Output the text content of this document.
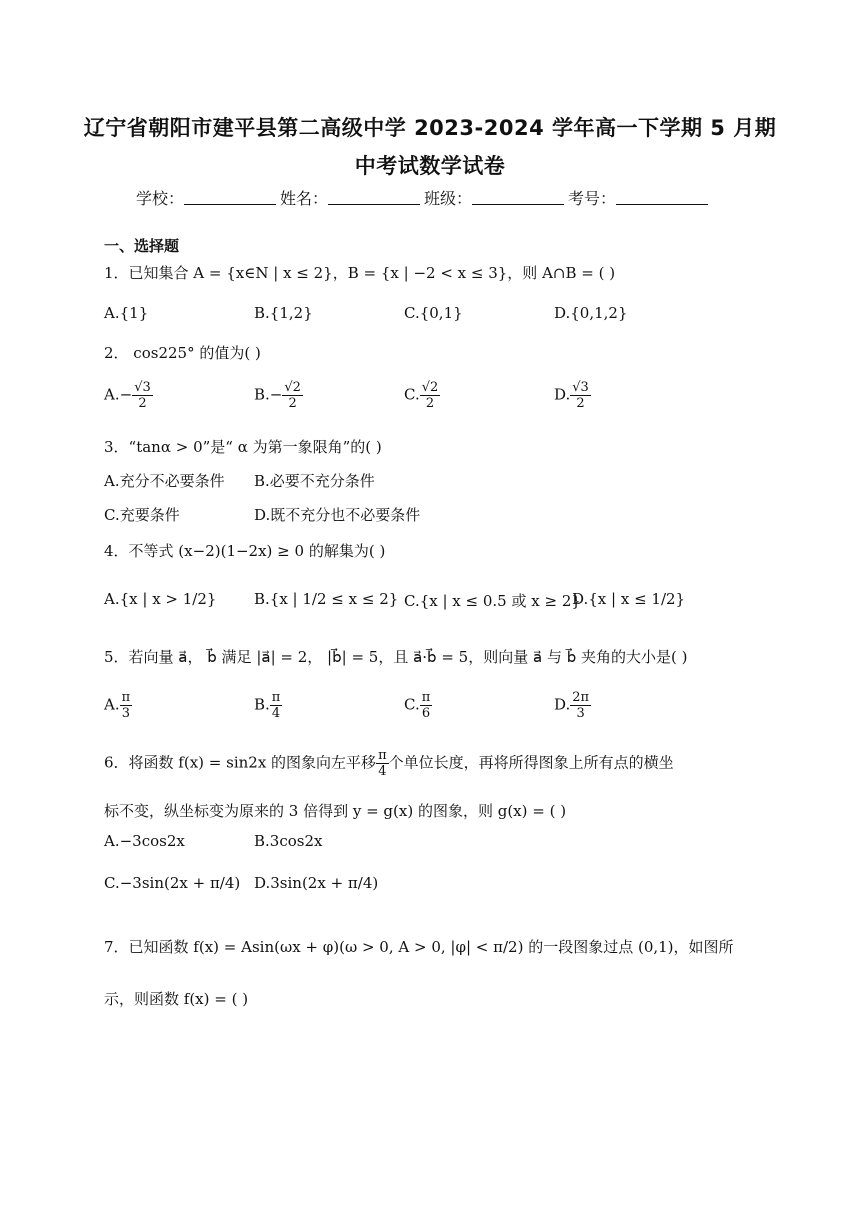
辽宁省朝阳市建平县第二高级中学 2023-2024 学年高一下学期 5 月期
中考试数学试卷
学校：	姓名：	班级：	考号：
一、选择题
1．已知集合 A = {x∈N | x ≤ 2}，B = {x | −2 < x ≤ 3}，则 A∩B = ( )
A.{1}	B.{1,2}	C.{0,1}	D.{0,1,2}
2． cos225° 的值为( )
$A.- \frac{√3}{2}$	$B.- \frac{√2}{2}$	C. $\frac{√2}{2}$	D. $\frac{√3}{2}$
3．“tanα > 0”是“ α 为第一象限角”的( )
A.充分不必要条件 B.必要不充分条件
C.充要条件	D.既不充分也不必要条件
4．不等式 (x−2)(1−2x) ≥ 0 的解集为( )
A.{x | x > 1/2}	B.{x | 1/2 ≤ x ≤ 2} C.{x | x ≤ 0.5 或 x ≥ 2}
D.{x | x ≤ 1/2}
5．若向量 a⃗， b⃗ 满足 |a⃗| = 2， |b⃗| = 5，且 a⃗·b⃗ = 5，则向量 a⃗ 与 b⃗ 夹角的大小是( )
A. $\frac{\pi}{3}$	B. $\frac{\pi}{4}$	C. $\frac{\pi}{6}$	D. $\frac{2\pi}{3}$
6．将函数 f(x) = sin2x 的图象向左平移 $\frac{\pi}{4}$ 个单位长度，再将所得图象上所有点的横坐
标不变，纵坐标变为原来的 3 倍得到 y = g(x) 的图象，则 g(x) = ( )
A.−3cos2x	B.3cos2x
C.−3sin(2x + π/4) D.3sin(2x + π/4)
7．已知函数 f(x) = Asin(ωx + φ)(ω > 0, A > 0, |φ| < π/2) 的一段图象过点 (0,1)，如图所
示，则函数 f(x) = ( )
